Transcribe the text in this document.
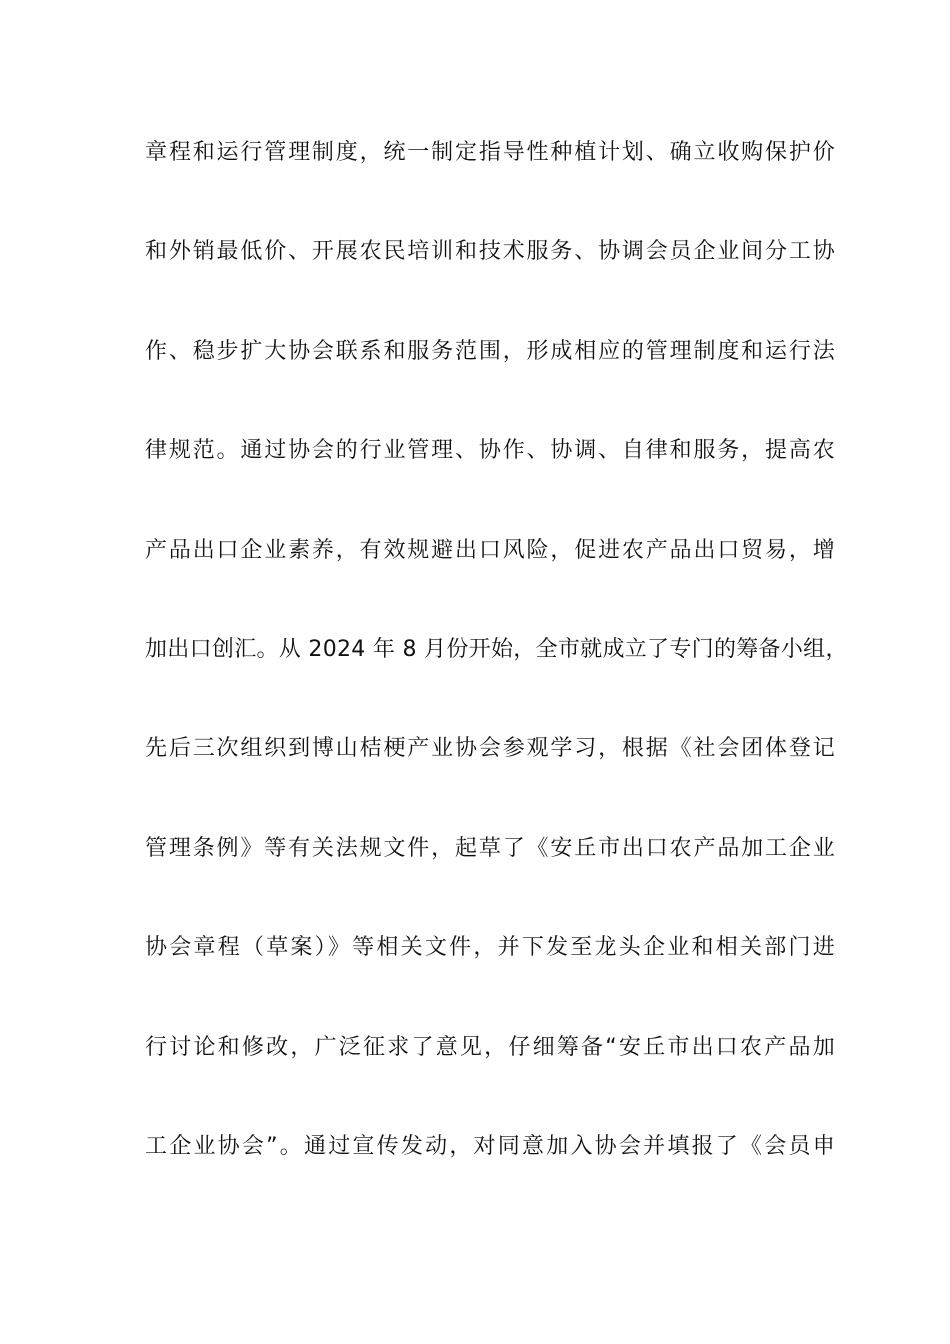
章程和运行管理制度，统一制定指导性种植计划、确立收购保护价
和外销最低价、开展农民培训和技术服务、协调会员企业间分工协
作、稳步扩大协会联系和服务范围，形成相应的管理制度和运行法
律规范。通过协会的行业管理、协作、协调、自律和服务，提高农
产品出口企业素养，有效规避出口风险，促进农产品出口贸易，增
加出口创汇。从 2024 年 8 月份开始，全市就成立了专门的筹备小组，
先后三次组织到博山桔梗产业协会参观学习，根据《社会团体登记
管理条例》等有关法规文件，起草了《安丘市出口农产品加工企业
协会章程（草案）》等相关文件，并下发至龙头企业和相关部门进
行讨论和修改，广泛征求了意见，仔细筹备“安丘市出口农产品加
工企业协会”。通过宣传发动，对同意加入协会并填报了《会员申
